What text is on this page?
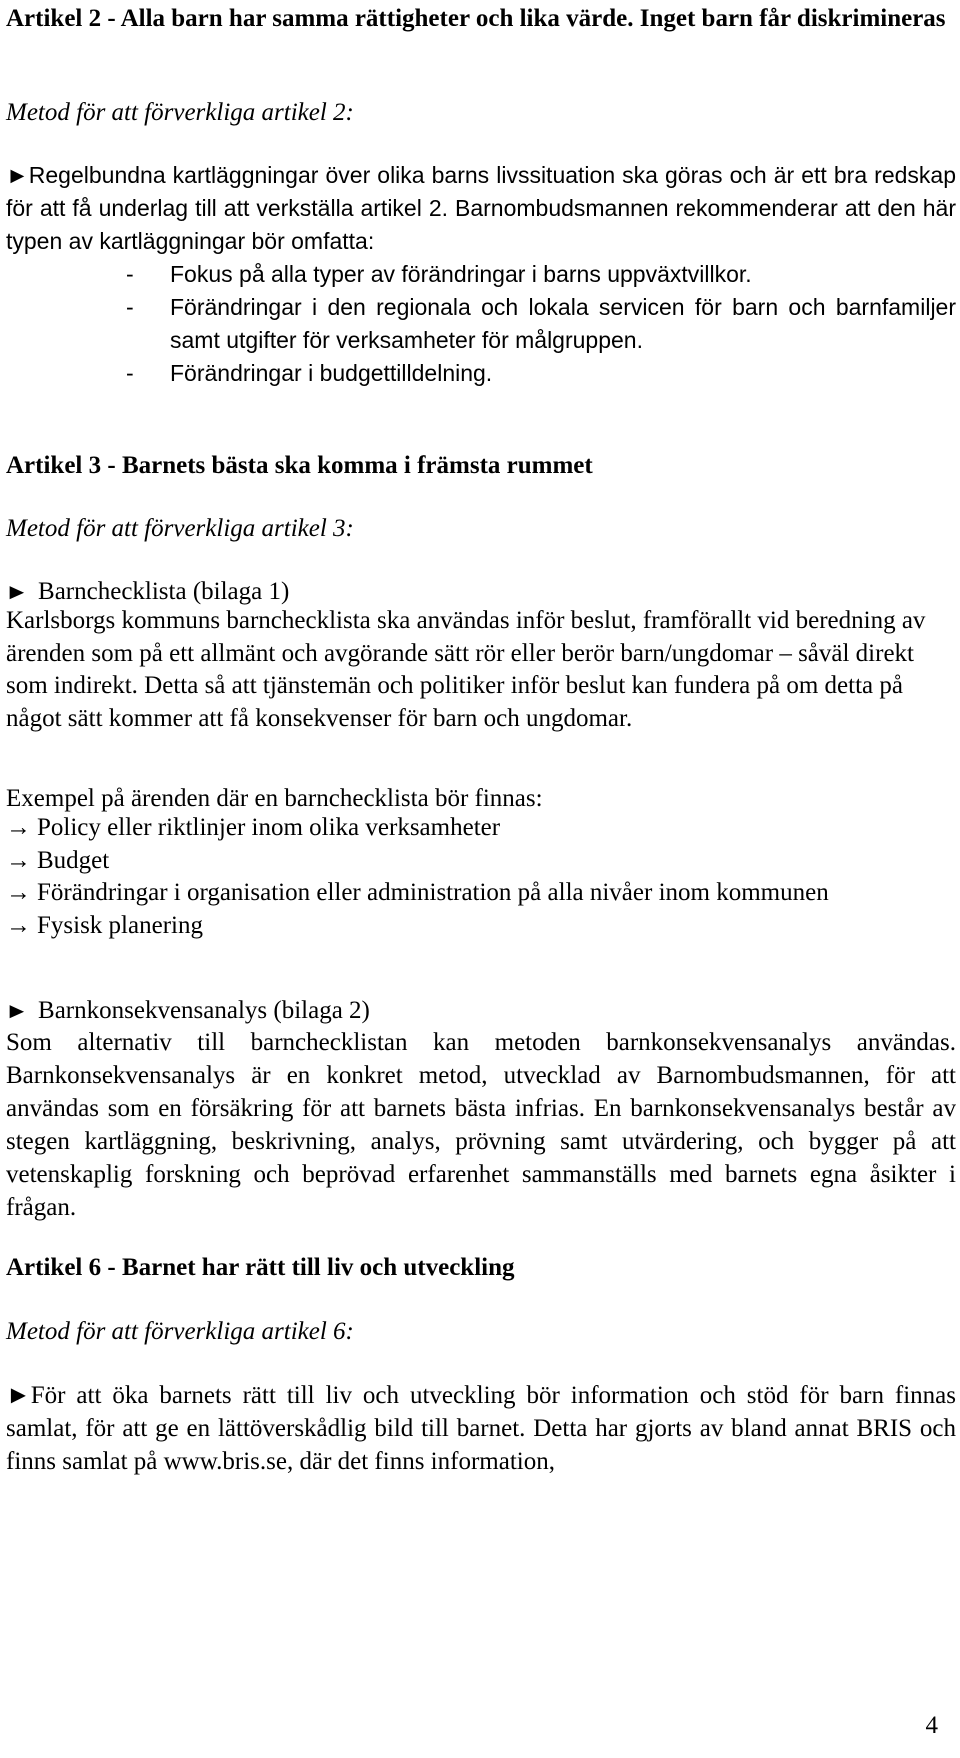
Artikel 2 - Alla barn har samma rättigheter och lika värde. Inget barn får diskrimineras

Metod för att förverkliga artikel 2:

►Regelbundna kartläggningar över olika barns livssituation ska göras och är ett bra redskap för att få underlag till att verkställa artikel 2. Barnombudsmannen rekommenderar att den här typen av kartläggningar bör omfatta:
- Fokus på alla typer av förändringar i barns uppväxtvillkor.
- Förändringar i den regionala och lokala servicen för barn och barnfamiljer samt utgifter för verksamheter för målgruppen.
- Förändringar i budgettilldelning.
Artikel 3 - Barnets bästa ska komma i främsta rummet

Metod för att förverkliga artikel 3:

► Barnchecklista (bilaga 1)

Karlsborgs kommuns barnchecklista ska användas inför beslut, framförallt vid beredning av ärenden som på ett allmänt och avgörande sätt rör eller berör barn/ungdomar – såväl direkt som indirekt. Detta så att tjänstemän och politiker inför beslut kan fundera på om detta på något sätt kommer att få konsekvenser för barn och ungdomar.

Exempel på ärenden där en barnchecklista bör finnas:

→ Policy eller riktlinjer inom olika verksamheter
→ Budget
→ Förändringar i organisation eller administration på alla nivåer inom kommunen
→ Fysisk planering
► Barnkonsekvensanalys (bilaga 2)

Som alternativ till barnchecklistan kan metoden barnkonsekvensanalys användas. Barnkonsekvensanalys är en konkret metod, utvecklad av Barnombudsmannen, för att användas som en försäkring för att barnets bästa infrias. En barnkonsekvensanalys består av stegen kartläggning, beskrivning, analys, prövning samt utvärdering, och bygger på att vetenskaplig forskning och beprövad erfarenhet sammanställs med barnets egna åsikter i frågan.

Artikel 6 - Barnet har rätt till liv och utveckling

Metod för att förverkliga artikel 6:

►För att öka barnets rätt till liv och utveckling bör information och stöd för barn finnas samlat, för att ge en lättöverskådlig bild till barnet. Detta har gjorts av bland annat BRIS och finns samlat på www.bris.se, där det finns information,
4
